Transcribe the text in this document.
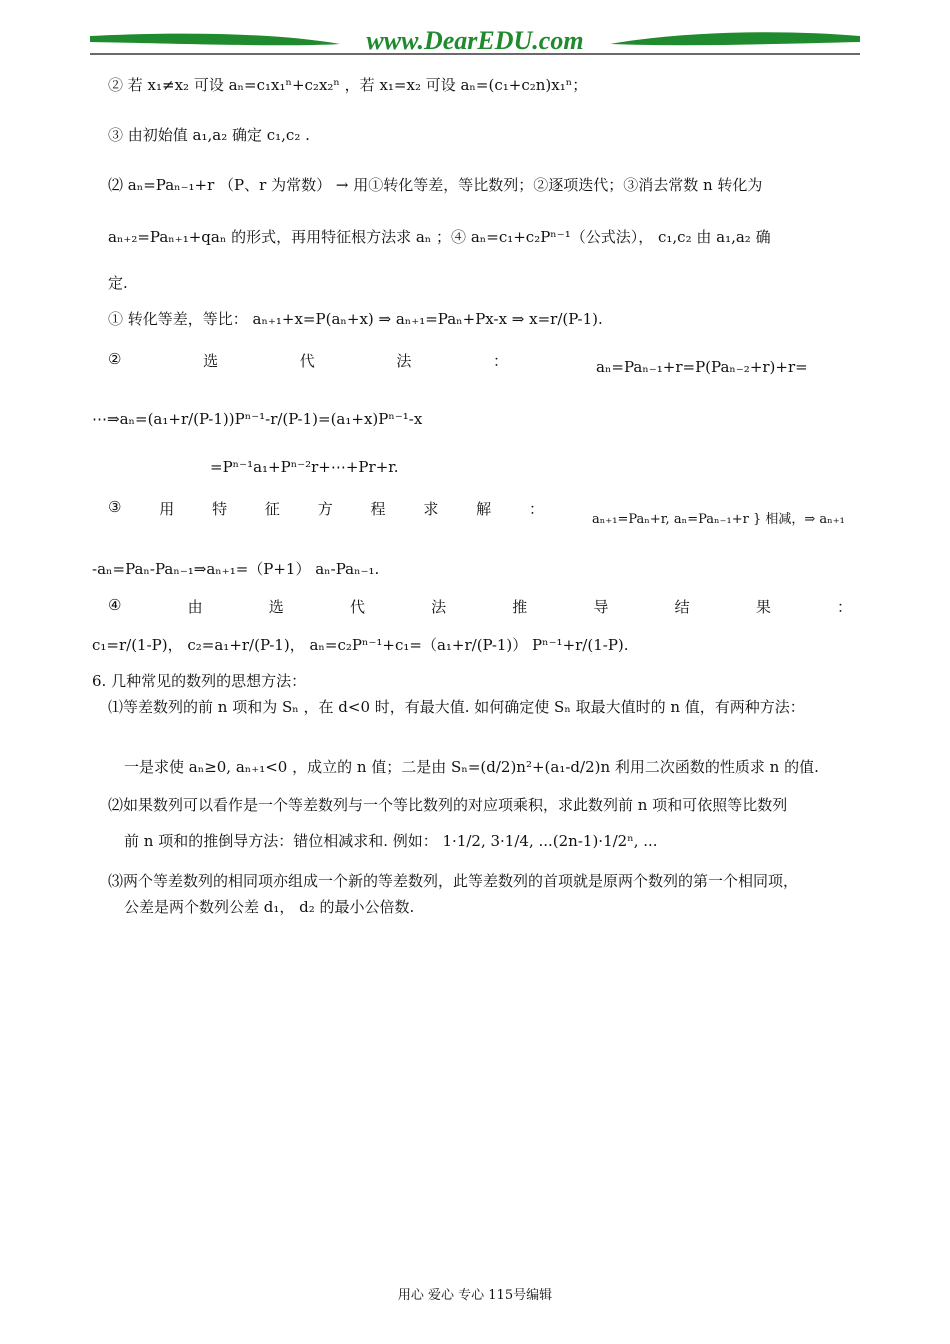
www.DearEDU.com
② 若 x₁≠x₂ 可设 aₙ=c₁x₁ⁿ+c₂x₂ⁿ ，若 x₁=x₂ 可设 aₙ=(c₁+c₂n)x₁ⁿ；
③ 由初始值 a₁,a₂ 确定 c₁,c₂ .
⑵ aₙ=Paₙ₋₁+r （P、r 为常数） → 用①转化等差，等比数列；②逐项迭代；③消去常数 n 转化为
aₙ₊₂=Paₙ₊₁+qaₙ 的形式，再用特征根方法求 aₙ ；④ aₙ=c₁+c₂Pⁿ⁻¹（公式法）， c₁,c₂ 由 a₁,a₂ 确
定.
① 转化等差，等比： aₙ₊₁+x=P(aₙ+x) ⇒ aₙ₊₁=Paₙ+Px-x ⇒ x=r/(P-1).
②	选	代	法	：	aₙ=Paₙ₋₁+r=P(Paₙ₋₂+r)+r=
⋯⇒aₙ=(a₁+r/(P-1))Pⁿ⁻¹-r/(P-1)=(a₁+x)Pⁿ⁻¹-x
=Pⁿ⁻¹a₁+Pⁿ⁻²r+⋯+Pr+r.
③	用	特	征	方	程	求	解	：
aₙ₊₁=Paₙ+r, aₙ=Paₙ₋₁+r } 相减，⇒ aₙ₊₁
-aₙ=Paₙ-Paₙ₋₁⇒aₙ₊₁=（P+1） aₙ-Paₙ₋₁.
④	由	选	代	法	推	导	结	果	：
c₁=r/(1-P)， c₂=a₁+r/(P-1)， aₙ=c₂Pⁿ⁻¹+c₁=（a₁+r/(P-1)） Pⁿ⁻¹+r/(1-P).
6. 几种常见的数列的思想方法：
⑴等差数列的前 n 项和为 Sₙ ，在 d<0 时，有最大值. 如何确定使 Sₙ 取最大值时的 n 值，有两种方法：
一是求使 aₙ≥0, aₙ₊₁<0 ，成立的 n 值；二是由 Sₙ=(d/2)n²+(a₁-d/2)n 利用二次函数的性质求 n 的值.
⑵如果数列可以看作是一个等差数列与一个等比数列的对应项乘积，求此数列前 n 项和可依照等比数列
前 n 项和的推倒导方法：错位相减求和. 例如： 1·1/2, 3·1/4, ...(2n-1)·1/2ⁿ, ...
⑶两个等差数列的相同项亦组成一个新的等差数列，此等差数列的首项就是原两个数列的第一个相同项，
公差是两个数列公差 d₁， d₂ 的最小公倍数.
用心 爱心 专心 115号编辑
